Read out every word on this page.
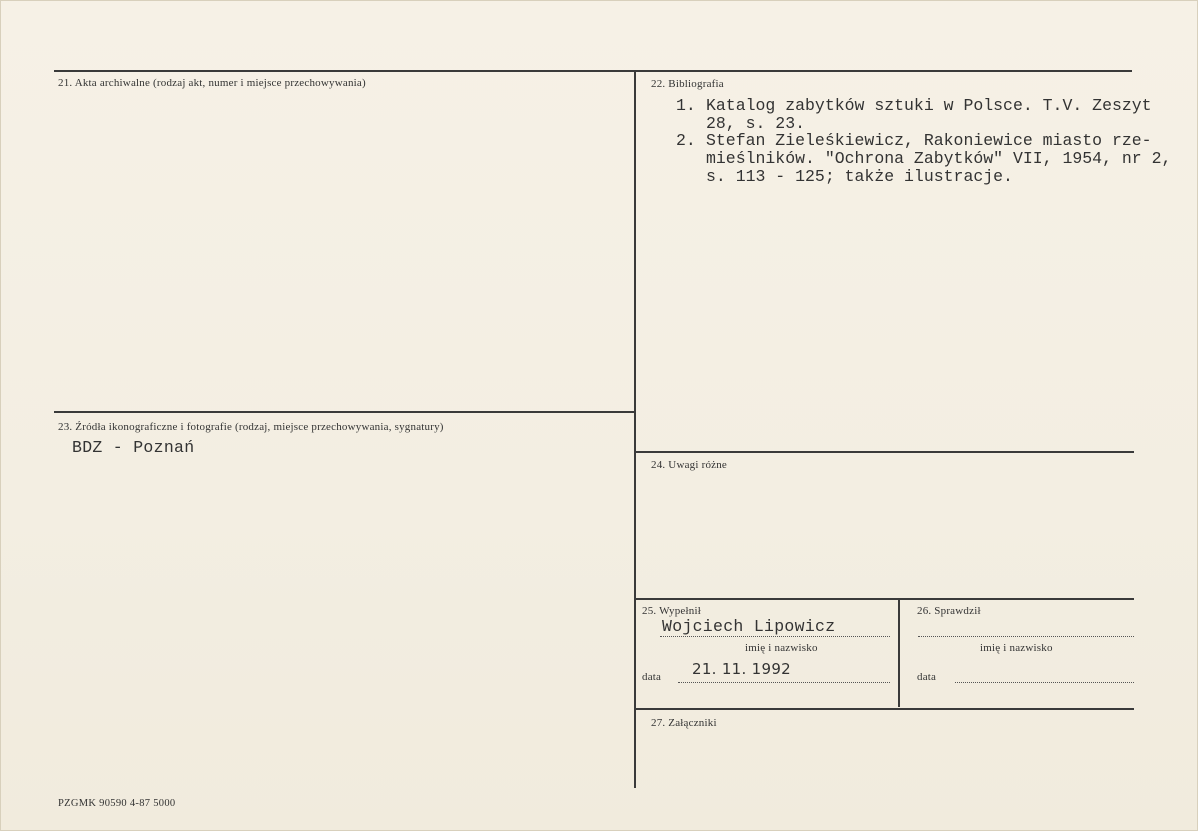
21. Akta archiwalne (rodzaj akt, numer i miejsce przechowywania)	22. Bibliografia
1. Katalog zabytków sztuki w Polsce. T.V. Zeszyt 28, s. 23.
2. Stefan Zieleśkiewicz, Rakoniewice miasto rze-mieślników. "Ochrona Zabytków" VII, 1954, nr 2, s. 113 - 125; także ilustracje.
23. Źródła ikonograficzne i fotografie (rodzaj, miejsce przechowywania, sygnatury)
BDZ - Poznań
24. Uwagi różne
25. Wypełnił
Wojciech Lipowicz
imię i nazwisko
data 21. 11. 1992
26. Sprawdził
imię i nazwisko
data
27. Załączniki
PZGMK 90590 4-87 5000
